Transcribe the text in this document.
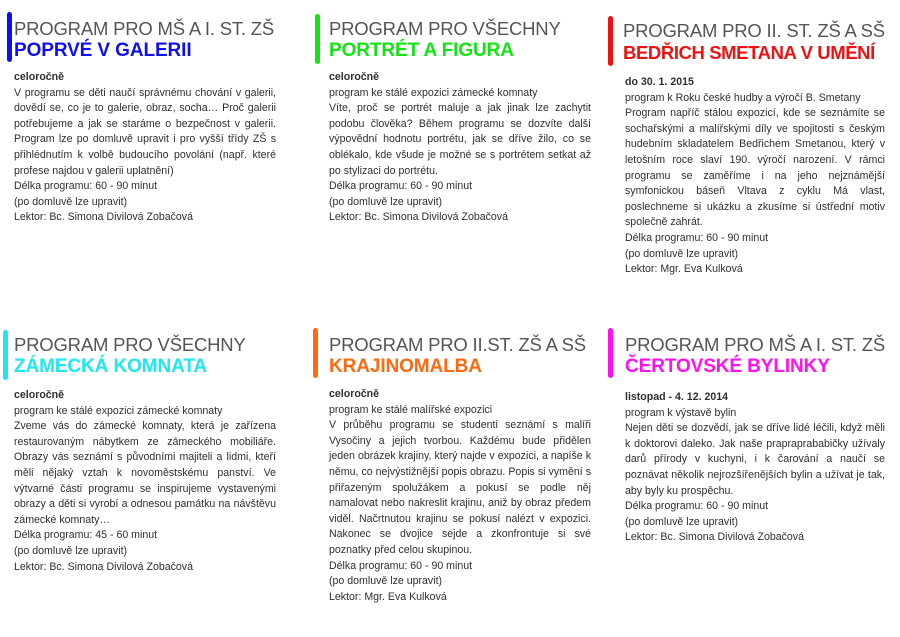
PROGRAM PRO MŠ A I. ST. ZŠ
POPRVÉ V GALERII

celoročně

V programu se děti naučí správnému chování v galerii, dovědí se, co je to galerie, obraz, socha… Proč galerii potřebujeme a jak se staráme o bezpečnost v galerii. Program lze po domluvě upravit i pro vyšší třídy ZŠ s přihlédnutím k volbě budoucího povolání (např. které profese najdou v galerii uplatnění)

Délka programu: 60 - 90 minut

(po domluvě lze upravit)

Lektor: Bc. Simona Divilová Zobačová

PROGRAM PRO VŠECHNY
PORTRÉT A FIGURA

celoročně

program ke stálé expozici zámecké komnaty

Víte, proč se portrét maluje a jak jinak lze zachytit podobu člověka? Během programu se dozvíte další výpovědní hodnotu portrétu, jak se dříve žilo, co se oblékalo, kde všude je možné se s portrétem setkat až po stylizaci do portrétu.

Délka programu: 60 - 90 minut

(po domluvě lze upravit)

Lektor: Bc. Simona Divilová Zobačová

PROGRAM PRO II. ST. ZŠ A SŠ
BEDŘICH SMETANA V UMĚNÍ

do 30. 1. 2015

program k Roku české hudby a výročí B. Smetany

Program napříč stálou expozicí, kde se seznámíte se sochařskými a malířskými díly ve spojitosti s českým hudebním skladatelem Bedřichem Smetanou, který v letošním roce slaví 190. výročí narození. V rámci programu se zaměříme i na jeho nejznámější symfonickou báseň Vltava z cyklu Má vlast, poslechneme si ukázku a zkusíme si ústřední motiv společně zahrát.

Délka programu: 60 - 90 minut

(po domluvě lze upravit)

Lektor: Mgr. Eva Kulková

PROGRAM PRO VŠECHNY
ZÁMECKÁ KOMNATA

celoročně

program ke stálé expozici zámecké komnaty

Zveme vás do zámecké komnaty, která je zařízena restaurovaným nábytkem ze zámeckého mobiliáře. Obrazy vás seznámí s původními majiteli a lidmi, kteří měli nějaký vztah k novoměstskému panství. Ve výtvarné části programu se inspirujeme vystavenými obrazy a děti si vyrobí a odnesou památku na návštěvu zámecké komnaty…

Délka programu: 45 - 60 minut

(po domluvě lze upravit)

Lektor: Bc. Simona Divilová Zobačová

PROGRAM PRO II.ST. ZŠ A SŠ
KRAJINOMALBA

celoročně

program ke stálé malířské expozici

V průběhu programu se studenti seznámí s malíři Vysočiny a jejich tvorbou. Každému bude přidělen jeden obrázek krajiny, který najde v expozici, a napíše k němu, co nejvýstižnější popis obrazu. Popis si vymění s přiřazeným spolužákem a pokusí se podle něj namalovat nebo nakreslit krajinu, aniž by obraz předem viděl. Načrtnutou krajinu se pokusí nalézt v expozici. Nakonec se dvojice sejde a zkonfrontuje si své poznatky před celou skupinou.

Délka programu: 60 - 90 minut

(po domluvě lze upravit)

Lektor: Mgr. Eva Kulková

PROGRAM PRO MŠ A I. ST. ZŠ
ČERTOVSKÉ BYLINKY

listopad - 4. 12. 2014

program k výstavě bylin

Nejen děti se dozvědí, jak se dříve lidé léčili, když měli k doktorovi daleko. Jak naše prapraprababičky užívaly darů přírody v kuchyni, i k čarování a naučí se poznávat několik nejrozšířenějších bylin a užívat je tak, aby byly ku prospěchu.

Délka programu: 60 - 90 minut

(po domluvě lze upravit)

Lektor: Bc. Simona Divilová Zobačová
